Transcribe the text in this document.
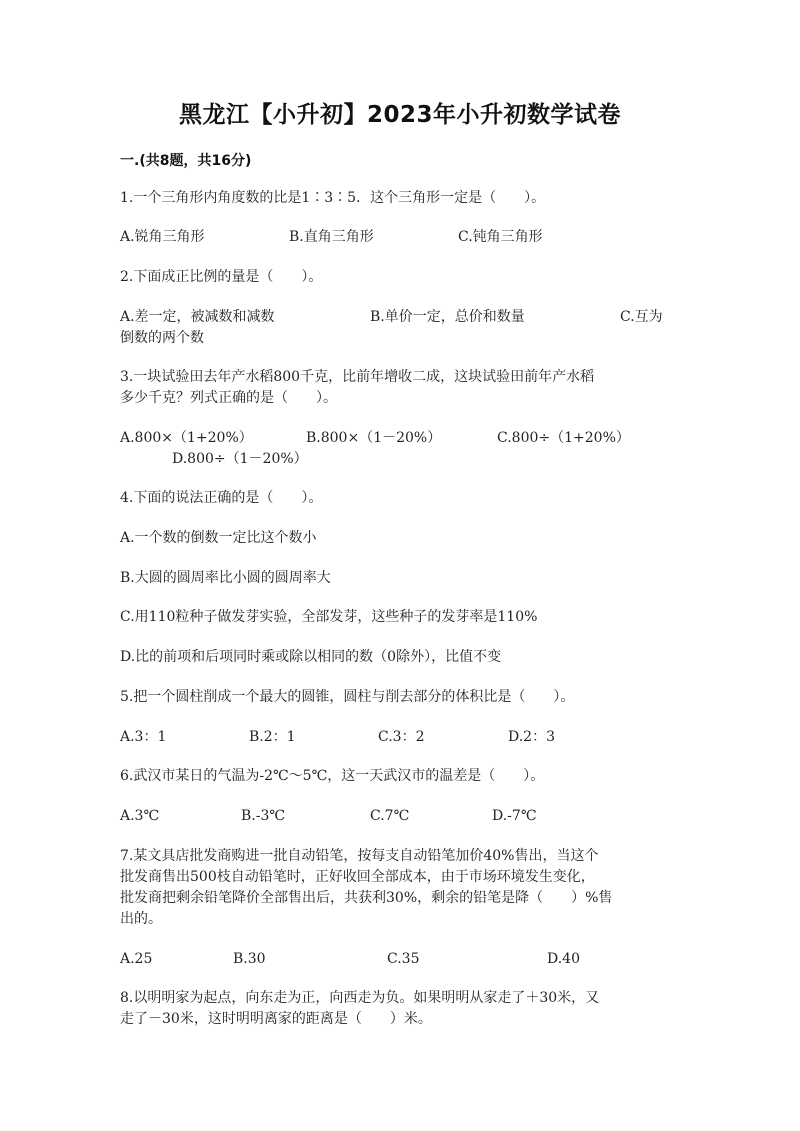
黑龙江【小升初】2023年小升初数学试卷
一.(共8题，共16分)
1.一个三角形内角度数的比是1∶3∶5．这个三角形一定是（　　）。
A.锐角三角形	B.直角三角形	C.钝角三角形
2.下面成正比例的量是（　　）。
A.差一定，被减数和减数	B.单价一定，总价和数量	C.互为
倒数的两个数
3.一块试验田去年产水稻800千克，比前年增收二成，这块试验田前年产水稻
多少千克？列式正确的是（　　）。
A.800×（1+20%）	B.800×（1－20%）	C.800÷（1+20%）
D.800÷（1－20%）
4.下面的说法正确的是（　　）。
A.一个数的倒数一定比这个数小
B.大圆的圆周率比小圆的圆周率大
C.用110粒种子做发芽实验，全部发芽，这些种子的发芽率是110%
D.比的前项和后项同时乘或除以相同的数（0除外），比值不变
5.把一个圆柱削成一个最大的圆锥，圆柱与削去部分的体积比是（　　）。
A.3：1	B.2：1	C.3：2	D.2：3
6.武汉市某日的气温为-2℃～5℃，这一天武汉市的温差是（　　）。
A.3℃	B.-3℃	C.7℃	D.-7℃
7.某文具店批发商购进一批自动铅笔，按每支自动铅笔加价40%售出，当这个
批发商售出500枝自动铅笔时，正好收回全部成本，由于市场环境发生变化，
批发商把剩余铅笔降价全部售出后，共获利30%，剩余的铅笔是降（　　）%售
出的。
A.25	B.30	C.35	D.40
8.以明明家为起点，向东走为正，向西走为负。如果明明从家走了＋30米，又
走了－30米，这时明明离家的距离是（　　）米。
